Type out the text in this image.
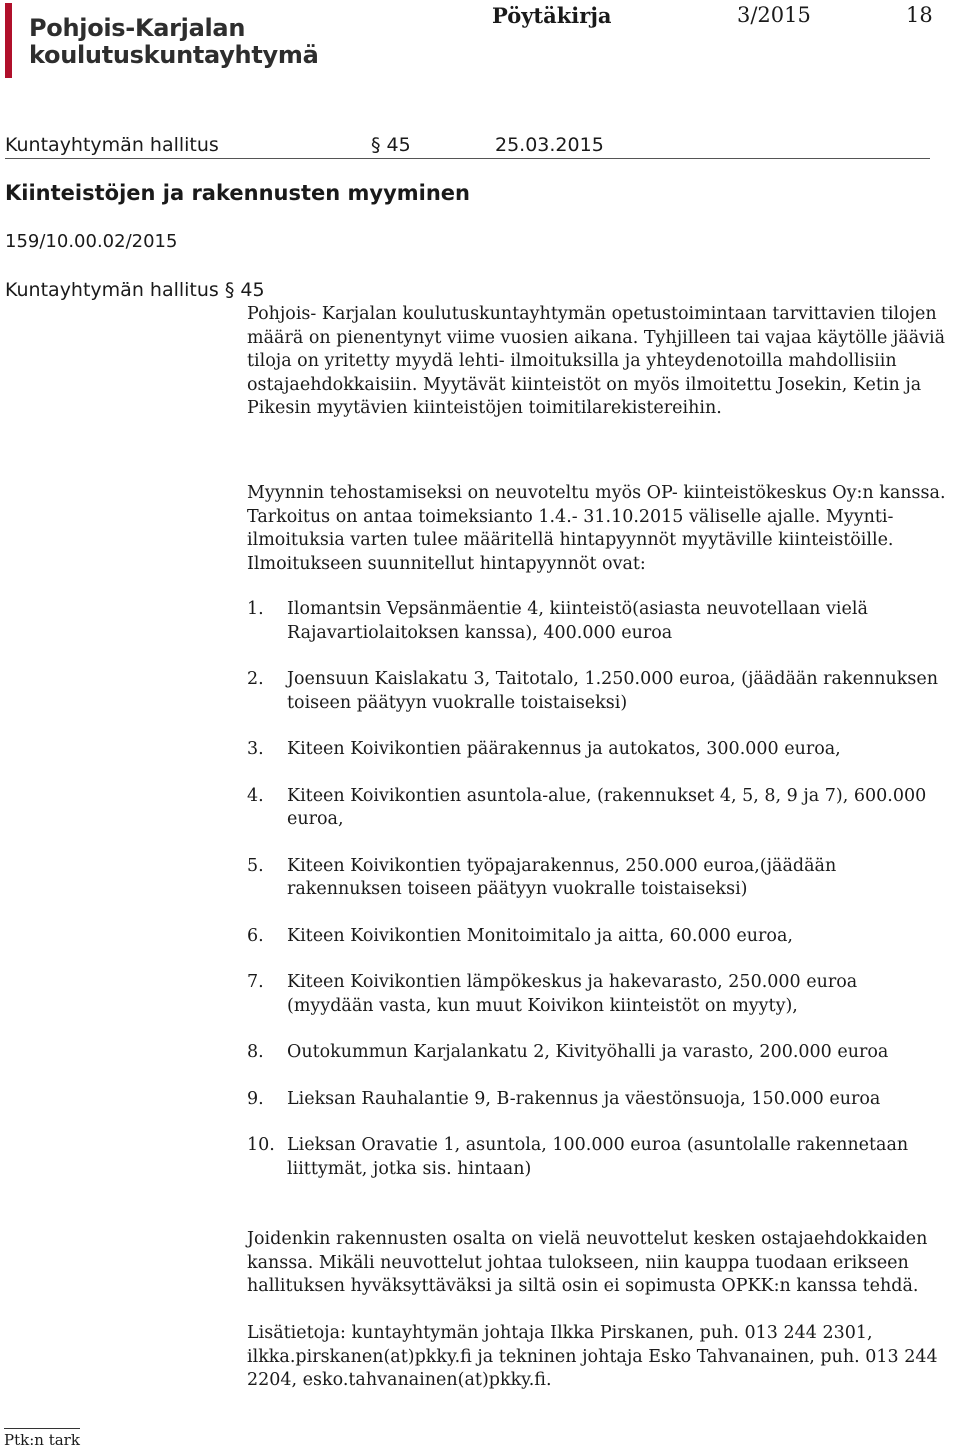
Pohjois-Karjalan
koulutuskuntayhtymä
Pöytäkirja	3/2015	18
Kuntayhtymän hallitus	§ 45	25.03.2015
Kiinteistöjen ja rakennusten myyminen
159/10.00.02/2015
Kuntayhtymän hallitus § 45
Pohjois- Karjalan koulutuskuntayhtymän opetustoimintaan tarvittavien tilojen määrä on pienentynyt viime vuosien aikana. Tyhjilleen tai vajaa käytölle jääviä tiloja on yritetty myydä lehti- ilmoituksilla ja yhteydenotoilla mahdollisiin ostajaehdokkaisiin. Myytävät kiinteistöt on myös ilmoitettu Josekin, Ketin ja Pikesin myytävien kiinteistöjen toimitilarekistereihin.
Myynnin tehostamiseksi on neuvoteltu myös OP- kiinteistökeskus Oy:n kanssa. Tarkoitus on antaa toimeksianto 1.4.- 31.10.2015 väliselle ajalle. Myynti-ilmoituksia varten tulee määritellä hintapyynnöt myytäville kiinteistöille. Ilmoitukseen suunnitellut hintapyynnöt ovat:
1. Ilomantsin Vepsänmäentie 4, kiinteistö(asiasta neuvotellaan vielä Rajavartiolaitoksen kanssa), 400.000 euroa
2. Joensuun Kaislakatu 3, Taitotalo, 1.250.000 euroa, (jäädään rakennuksen toiseen päätyyn vuokralle toistaiseksi)
3. Kiteen Koivikontien päärakennus ja autokatos, 300.000 euroa,
4. Kiteen Koivikontien asuntola-alue, (rakennukset 4, 5, 8, 9 ja 7), 600.000 euroa,
5. Kiteen Koivikontien työpajarakennus, 250.000 euroa,(jäädään rakennuksen toiseen päätyyn vuokralle toistaiseksi)
6. Kiteen Koivikontien Monitoimitalo ja aitta, 60.000 euroa,
7. Kiteen Koivikontien lämpökeskus ja hakevarasto, 250.000 euroa (myydään vasta, kun muut Koivikon kiinteistöt on myyty),
8. Outokummun Karjalankatu 2, Kivityöhalli ja varasto, 200.000 euroa
9. Lieksan Rauhalantie 9, B-rakennus ja väestönsuoja, 150.000 euroa
10. Lieksan Oravatie 1, asuntola, 100.000 euroa (asuntolalle rakennetaan liittymät, jotka sis. hintaan)
Joidenkin rakennusten osalta on vielä neuvottelut kesken ostajaehdokkaiden kanssa. Mikäli neuvottelut johtaa tulokseen, niin kauppa tuodaan erikseen hallituksen hyväksyttäväksi ja siltä osin ei sopimusta OPKK:n kanssa tehdä.
Lisätietoja: kuntayhtymän johtaja Ilkka Pirskanen, puh. 013 244 2301, ilkka.pirskanen(at)pkky.fi ja tekninen johtaja Esko Tahvanainen, puh. 013 244 2204, esko.tahvanainen(at)pkky.fi.
Ptk:n tark
